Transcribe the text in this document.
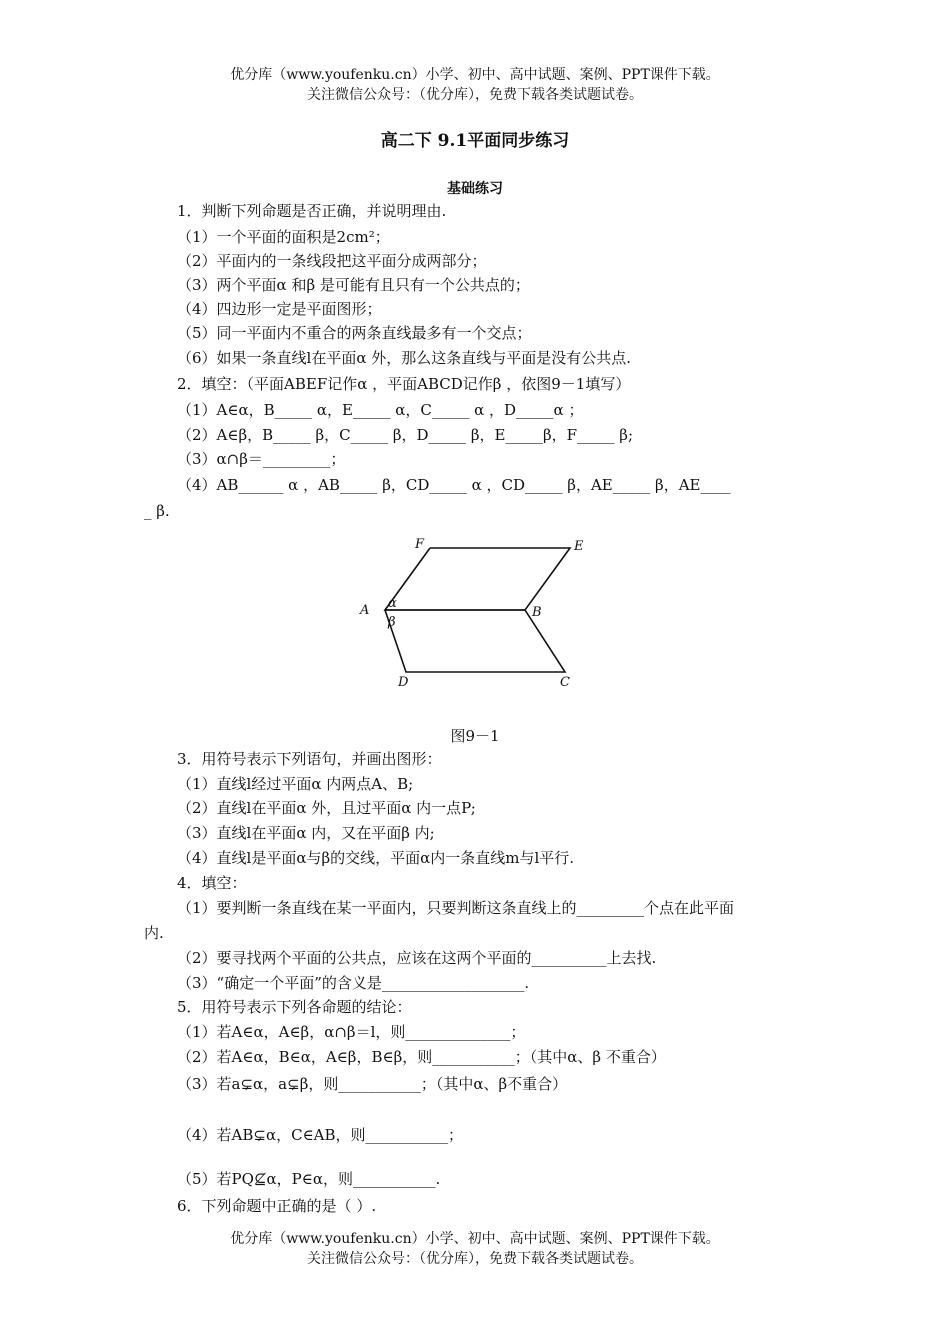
优分库（www.youfenku.cn）小学、初中、高中试题、案例、PPT课件下载。
关注微信公众号：（优分库），免费下载各类试题试卷。
高二下 9.1平面同步练习
基础练习
1．判断下列命题是否正确，并说明理由.
（1）一个平面的面积是2cm²；
（2）平面内的一条线段把这平面分成两部分；
（3）两个平面α 和β 是可能有且只有一个公共点的；
（4）四边形一定是平面图形；
（5）同一平面内不重合的两条直线最多有一个交点；
（6）如果一条直线l在平面α 外，那么这条直线与平面是没有公共点.
2．填空：（平面ABEF记作α ，平面ABCD记作β ，依图9－1填写）
（1）A∈α，B_____ α，E_____ α，C_____ α ，D_____α ；
（2）A∈β，B_____ β，C_____ β，D_____ β，E_____β，F_____ β;
（3）α∩β＝_________；
（4）AB______ α ，AB_____ β，CD_____ α ，CD_____ β，AE_____ β，AE____
_ β.
F	E
A α
B
β
D	C
图9－1
3．用符号表示下列语句，并画出图形：
（1）直线l经过平面α 内两点A、B;
（2）直线l在平面α 外，且过平面α 内一点P;
（3）直线l在平面α 内，又在平面β 内;
（4）直线l是平面α与β的交线，平面α内一条直线m与l平行.
4．填空：
（1）要判断一条直线在某一平面内，只要判断这条直线上的_________个点在此平面
内.
（2）要寻找两个平面的公共点，应该在这两个平面的__________上去找.
（3）“确定一个平面”的含义是___________________.
5．用符号表示下列各命题的结论：
（1）若A∈α，A∈β，α∩β＝l，则______________；
（2）若A∈α，B∈α，A∈β，B∈β，则___________；（其中α、β 不重合）
（3）若a⊊α，a⊊β，则___________；（其中α、β不重合）
（4）若AB⊊α，C∈AB，则___________；
（5）若PQ⊈α，P∈α，则___________.
6．下列命题中正确的是（ ）.
优分库（www.youfenku.cn）小学、初中、高中试题、案例、PPT课件下载。
关注微信公众号：（优分库），免费下载各类试题试卷。
